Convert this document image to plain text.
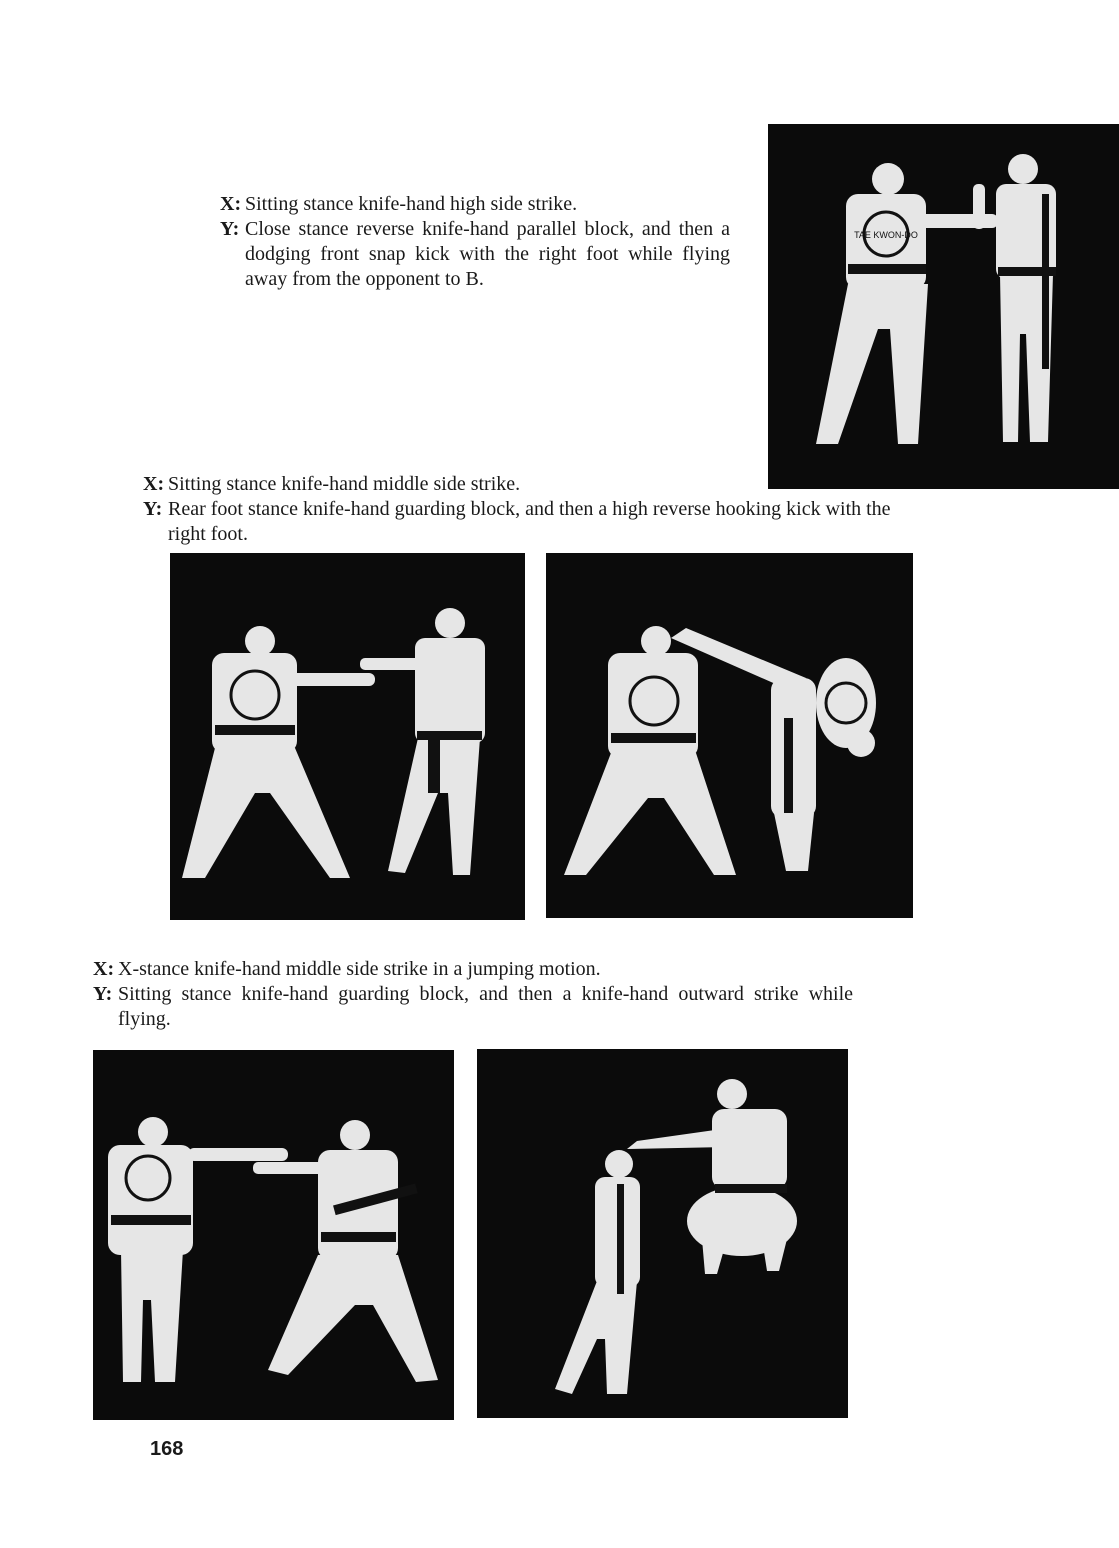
X: Sitting stance knife-hand high side strike.
Y: Close stance reverse knife-hand parallel block, and then a dodging front snap kick with the right foot while flying away from the opponent to B.
TAE KWON-DO
X: Sitting stance knife-hand middle side strike.
Y: Rear foot stance knife-hand guarding block, and then a high reverse hooking kick with the right foot.
X: X-stance knife-hand middle side strike in a jumping motion.
Y: Sitting stance knife-hand guarding block, and then a knife-hand outward strike while flying.
168
